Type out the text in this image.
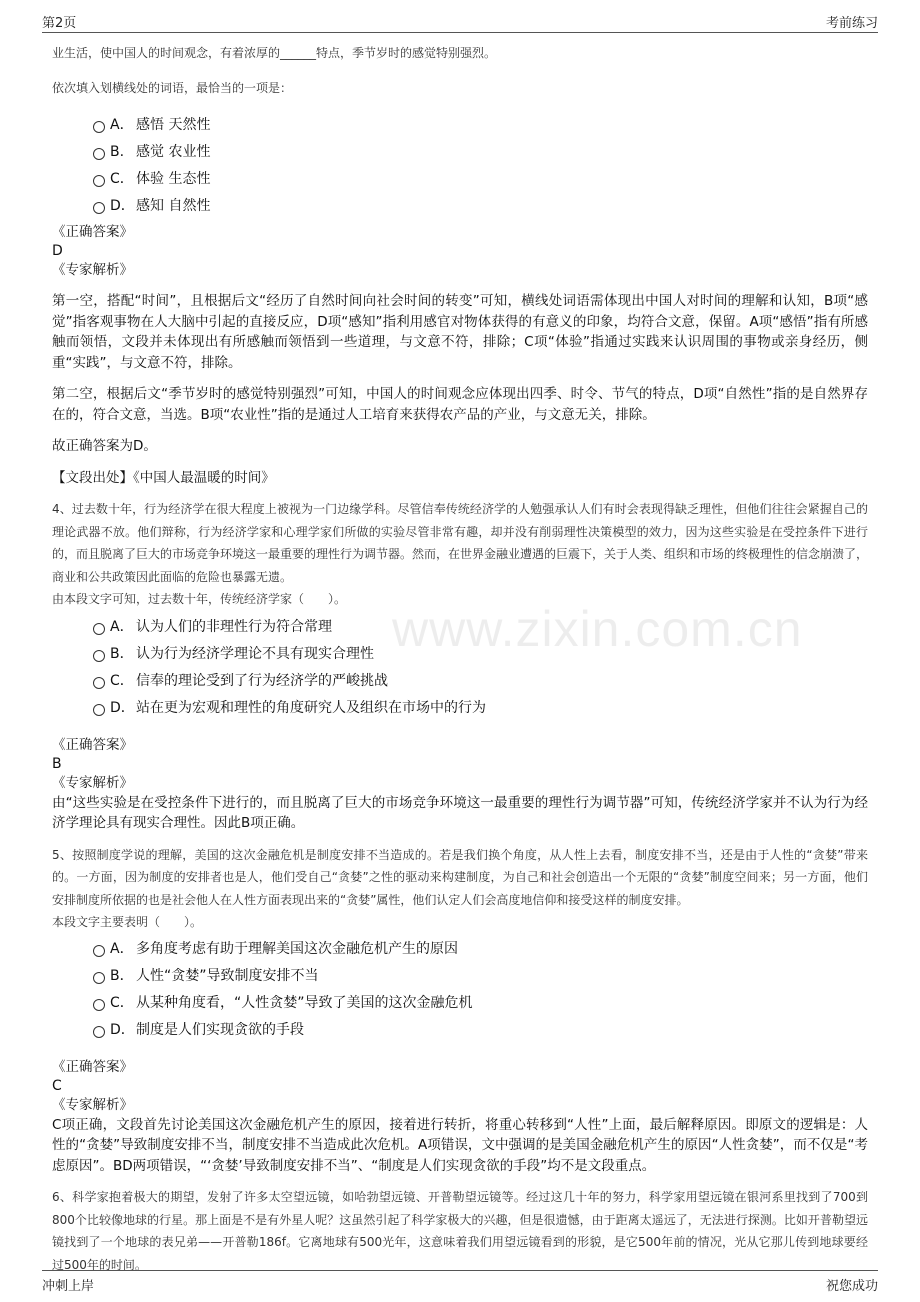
第2页	考前练习
www.zixin.com.cn
业生活，使中国人的时间观念，有着浓厚的______特点，季节岁时的感觉特别强烈。
依次填入划横线处的词语，最恰当的一项是：
A． 感悟 天然性
B. 感觉 农业性
C． 体验 生态性
D．感知 自然性
《正确答案》
D
《专家解析》
第一空，搭配“时间”，且根据后文“经历了自然时间向社会时间的转变”可知，横线处词语需体现出中国人对时间的理解和认知，B项“感觉”指客观事物在人大脑中引起的直接反应，D项“感知”指利用感官对物体获得的有意义的印象，均符合文意，保留。A项“感悟”指有所感触而领悟，文段并未体现出有所感触而领悟到一些道理，与文意不符，排除；C项“体验”指通过实践来认识周围的事物或亲身经历，侧重“实践”，与文意不符，排除。
第二空，根据后文“季节岁时的感觉特别强烈”可知，中国人的时间观念应体现出四季、时令、节气的特点，D项“自然性”指的是自然界存在的，符合文意，当选。B项“农业性”指的是通过人工培育来获得农产品的产业，与文意无关，排除。
故正确答案为D。
【文段出处】《中国人最温暖的时间》
4、过去数十年，行为经济学在很大程度上被视为一门边缘学科。尽管信奉传统经济学的人勉强承认人们有时会表现得缺乏理性，但他们往往会紧握自己的理论武器不放。他们辩称，行为经济学家和心理学家们所做的实验尽管非常有趣，却并没有削弱理性决策模型的效力，因为这些实验是在受控条件下进行的，而且脱离了巨大的市场竞争环境这一最重要的理性行为调节器。然而，在世界金融业遭遇的巨震下，关于人类、组织和市场的终极理性的信念崩溃了，商业和公共政策因此面临的危险也暴露无遗。
由本段文字可知，过去数十年，传统经济学家（　　）。
A． 认为人们的非理性行为符合常理
B． 认为行为经济学理论不具有现实合理性
C． 信奉的理论受到了行为经济学的严峻挑战
D．站在更为宏观和理性的角度研究人及组织在市场中的行为
《正确答案》
B
《专家解析》
由“这些实验是在受控条件下进行的，而且脱离了巨大的市场竞争环境这一最重要的理性行为调节器”可知，传统经济学家并不认为行为经济学理论具有现实合理性。因此B项正确。
5、按照制度学说的理解，美国的这次金融危机是制度安排不当造成的。若是我们换个角度，从人性上去看，制度安排不当，还是由于人性的“贪婪”带来的。一方面，因为制度的安排者也是人，他们受自己“贪婪”之性的驱动来构建制度，为自己和社会创造出一个无限的“贪婪”制度空间来；另一方面，他们安排制度所依据的也是社会他人在人性方面表现出来的“贪婪”属性，他们认定人们会高度地信仰和接受这样的制度安排。
本段文字主要表明（　　）。
A． 多角度考虑有助于理解美国这次金融危机产生的原因
B． 人性“贪婪”导致制度安排不当
C． 从某种角度看，“人性贪婪”导致了美国的这次金融危机
D．制度是人们实现贪欲的手段
《正确答案》
C
《专家解析》
C项正确，文段首先讨论美国这次金融危机产生的原因，接着进行转折，将重心转移到“人性”上面，最后解释原因。即原文的逻辑是：人性的“贪婪”导致制度安排不当，制度安排不当造成此次危机。A项错误，文中强调的是美国金融危机产生的原因“人性贪婪”，而不仅是“考虑原因”。BD两项错误，“‘贪婪’导致制度安排不当”、“制度是人们实现贪欲的手段”均不是文段重点。
6、科学家抱着极大的期望，发射了许多太空望远镜，如哈勃望远镜、开普勒望远镜等。经过这几十年的努力，科学家用望远镜在银河系里找到了700到800个比较像地球的行星。那上面是不是有外星人呢？这虽然引起了科学家极大的兴趣，但是很遗憾，由于距离太遥远了，无法进行探测。比如开普勒望远镜找到了一个地球的表兄弟——开普勒186f。它离地球有500光年，这意味着我们用望远镜看到的形貌，是它500年前的情况，光从它那儿传到地球要经过500年的时间。
冲刺上岸	祝您成功
